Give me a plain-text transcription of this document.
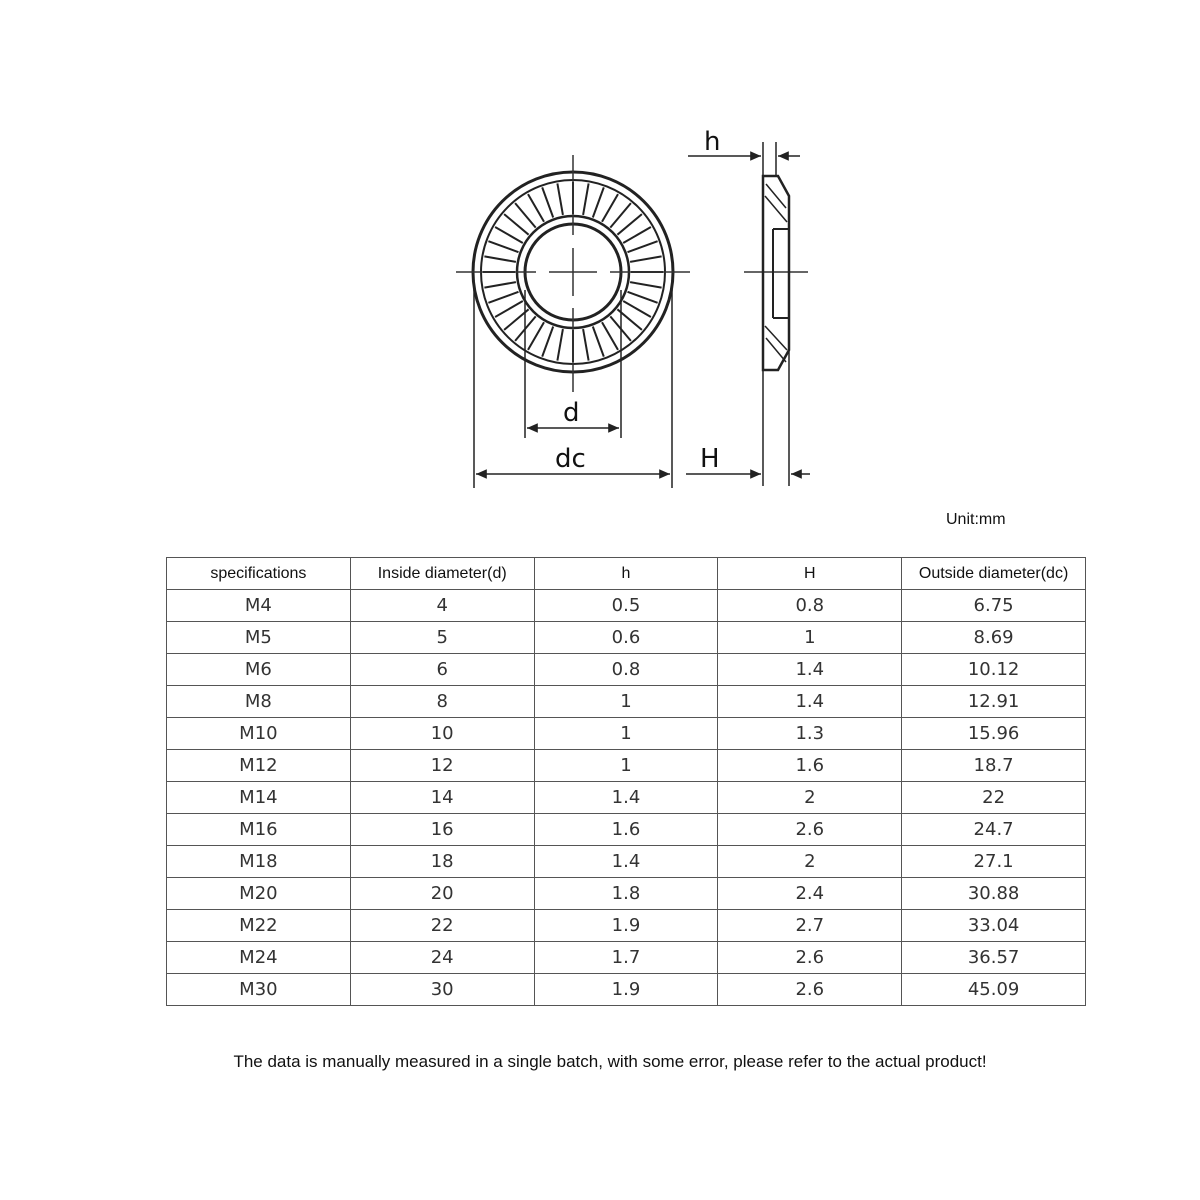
h
d
dc	H
Unit:mm
specifications	Inside diameter(d)	h	H	Outside diameter(dc)
M4	4	0.5	0.8	6.75
M5	5	0.6	1	8.69
M6	6	0.8	1.4	10.12
M8	8	1	1.4	12.91
M10	10	1	1.3	15.96
M12	12	1	1.6	18.7
M14	14	1.4	2	22
M16	16	1.6	2.6	24.7
M18	18	1.4	2	27.1
M20	20	1.8	2.4	30.88
M22	22	1.9	2.7	33.04
M24	24	1.7	2.6	36.57
M30	30	1.9	2.6	45.09
The data is manually measured in a single batch, with some error, please refer to the actual product!
